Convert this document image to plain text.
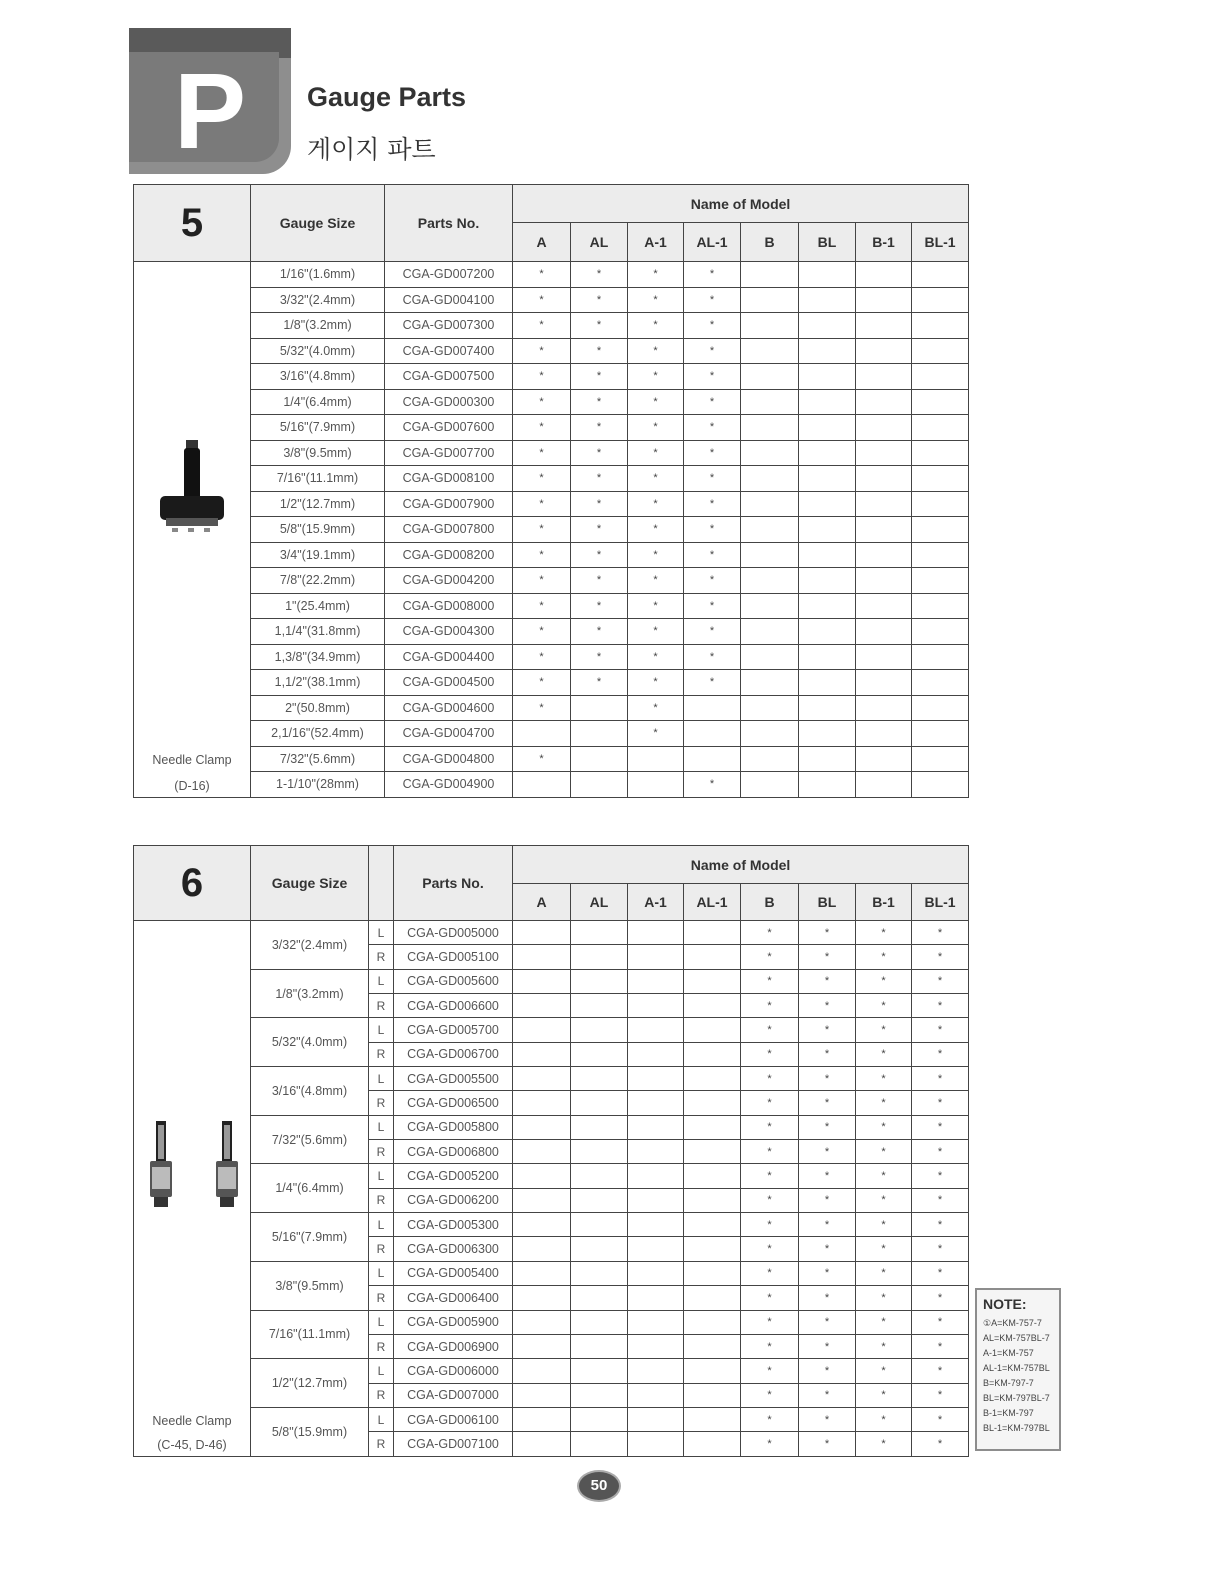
P	Gauge Parts
게이지 파트
5	Gauge Size	Parts No.	Name of Model							
			A	AL	A-1	AL-1	B	BL	B-1	BL-1

Needle Clamp
(D-16)	1/16"(1.6mm)	CGA-GD007200	*	*	*	*				
	3/32"(2.4mm)	CGA-GD004100	*	*	*	*				
	1/8"(3.2mm)	CGA-GD007300	*	*	*	*				
	5/32"(4.0mm)	CGA-GD007400	*	*	*	*				
	3/16"(4.8mm)	CGA-GD007500	*	*	*	*				
	1/4"(6.4mm)	CGA-GD000300	*	*	*	*				
	5/16"(7.9mm)	CGA-GD007600	*	*	*	*				
	3/8"(9.5mm)	CGA-GD007700	*	*	*	*				
	7/16"(11.1mm)	CGA-GD008100	*	*	*	*				
	1/2"(12.7mm)	CGA-GD007900	*	*	*	*				
	5/8"(15.9mm)	CGA-GD007800	*	*	*	*				
	3/4"(19.1mm)	CGA-GD008200	*	*	*	*				
	7/8"(22.2mm)	CGA-GD004200	*	*	*	*				
	1"(25.4mm)	CGA-GD008000	*	*	*	*				
	1,1/4"(31.8mm)	CGA-GD004300	*	*	*	*				
	1,3/8"(34.9mm)	CGA-GD004400	*	*	*	*				
	1,1/2"(38.1mm)	CGA-GD004500	*	*	*	*				
	2"(50.8mm)	CGA-GD004600	*		*					
	2,1/16"(52.4mm)	CGA-GD004700			*					
	7/32"(5.6mm)	CGA-GD004800	*							
	1-1/10"(28mm)	CGA-GD004900				*				
6	Gauge Size		Parts No.	Name of Model							
				A	AL	A-1	AL-1	B	BL	B-1	BL-1

Needle Clamp
(C-45, D-46)	3/32"(2.4mm)	L	CGA-GD005000					*	*	*	*
		R	CGA-GD005100					*	*	*	*
	1/8"(3.2mm)	L	CGA-GD005600					*	*	*	*
		R	CGA-GD006600					*	*	*	*
	5/32"(4.0mm)	L	CGA-GD005700					*	*	*	*
		R	CGA-GD006700					*	*	*	*
	3/16"(4.8mm)	L	CGA-GD005500					*	*	*	*
		R	CGA-GD006500					*	*	*	*
	7/32"(5.6mm)	L	CGA-GD005800					*	*	*	*
		R	CGA-GD006800					*	*	*	*
	1/4"(6.4mm)	L	CGA-GD005200					*	*	*	*
		R	CGA-GD006200					*	*	*	*
	5/16"(7.9mm)	L	CGA-GD005300					*	*	*	*
		R	CGA-GD006300					*	*	*	*
	3/8"(9.5mm)	L	CGA-GD005400					*	*	*	*
		R	CGA-GD006400					*	*	*	*
	7/16"(11.1mm)	L	CGA-GD005900					*	*	*	*
		R	CGA-GD006900					*	*	*	*
	1/2"(12.7mm)	L	CGA-GD006000					*	*	*	*
		R	CGA-GD007000					*	*	*	*
	5/8"(15.9mm)	L	CGA-GD006100					*	*	*	*
		R	CGA-GD007100					*	*	*	*
NOTE:
①A=KM-757-7
AL=KM-757BL-7
A-1=KM-757
AL-1=KM-757BL
B=KM-797-7
BL=KM-797BL-7
B-1=KM-797
BL-1=KM-797BL
50
